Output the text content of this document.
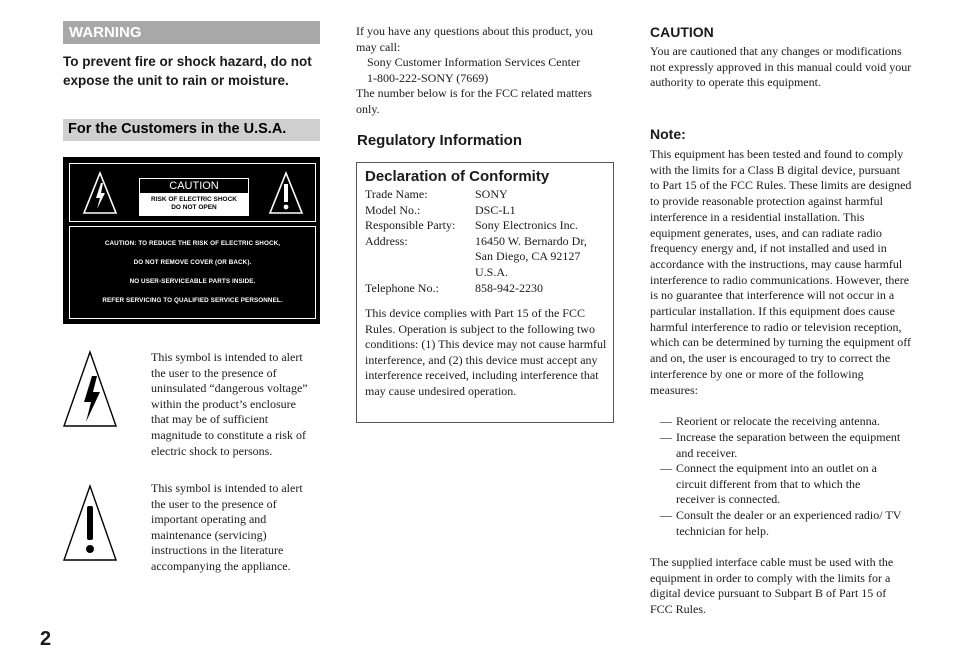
WARNING
To prevent fire or shock hazard, do not expose the unit to rain or moisture.
For the Customers in the U.S.A.
CAUTION
RISK OF ELECTRIC SHOCK
DO NOT OPEN
CAUTION: TO REDUCE THE RISK OF ELECTRIC SHOCK,
DO NOT REMOVE COVER (OR BACK).
NO USER-SERVICEABLE PARTS INSIDE.
REFER SERVICING TO QUALIFIED SERVICE PERSONNEL.
This symbol is intended to alert the user to the presence of uninsulated “dangerous voltage” within the product’s enclosure that may be of sufficient magnitude to constitute a risk of electric shock to persons.
This symbol is intended to alert the user to the presence of important operating and maintenance (servicing) instructions in the literature accompanying the appliance.
If you have any questions about this product, you may call:
Sony Customer Information Services Center
1-800-222-SONY (7669)
The number below is for the FCC related matters only.
Regulatory Information
Declaration of Conformity
Trade Name:	SONY
Model No.:	DSC-L1
Responsible Party: Sony Electronics Inc.
Address:	16450 W. Bernardo Dr,
San Diego, CA 92127
U.S.A.
Telephone No.:	858-942-2230
This device complies with Part 15 of the FCC Rules. Operation is subject to the following two conditions: (1) This device may not cause harmful interference, and (2) this device must accept any interference received, including interference that may cause undesired operation.
CAUTION
You are cautioned that any changes or modifications not expressly approved in this manual could void your authority to operate this equipment.
Note:
This equipment has been tested and found to comply with the limits for a Class B digital device, pursuant to Part 15 of the FCC Rules. These limits are designed to provide reasonable protection against harmful interference in a residential installation. This equipment generates, uses, and can radiate radio frequency energy and, if not installed and used in accordance with the instructions, may cause harmful interference to radio communications. However, there is no guarantee that interference will not occur in a particular installation. If this equipment does cause harmful interference to radio or television reception, which can be determined by turning the equipment off and on, the user is encouraged to try to correct the interference by one or more of the following measures:
— Reorient or relocate the receiving antenna.
— Increase the separation between the equipment and receiver.
— Connect the equipment into an outlet on a circuit different from that to which the receiver is connected.
— Consult the dealer or an experienced radio/ TV technician for help.
The supplied interface cable must be used with the equipment in order to comply with the limits for a digital device pursuant to Subpart B of Part 15 of FCC Rules.
2
